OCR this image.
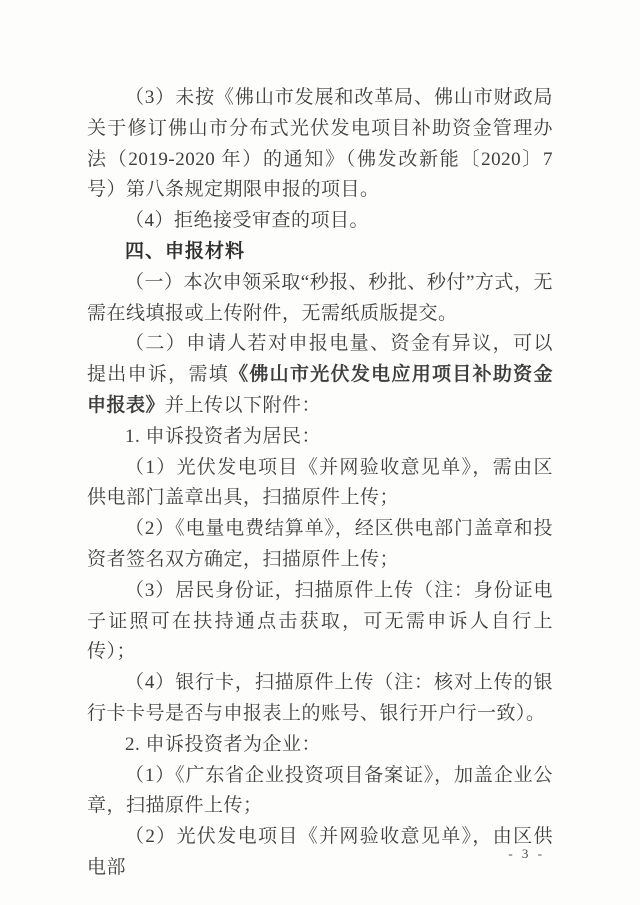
（3）未按《佛山市发展和改革局、佛山市财政局关于修订佛山市分布式光伏发电项目补助资金管理办法（2019-2020 年）的通知》（佛发改新能〔2020〕7 号）第八条规定期限申报的项目。

（4）拒绝接受审查的项目。

四、申报材料

（一）本次申领采取“秒报、秒批、秒付”方式，无需在线填报或上传附件，无需纸质版提交。

（二）申请人若对申报电量、资金有异议，可以提出申诉，需填《佛山市光伏发电应用项目补助资金申报表》并上传以下附件：

1. 申诉投资者为居民：

（1）光伏发电项目《并网验收意见单》，需由区供电部门盖章出具，扫描原件上传；

（2）《电量电费结算单》，经区供电部门盖章和投资者签名双方确定，扫描原件上传；

（3）居民身份证，扫描原件上传（注：身份证电子证照可在扶持通点击获取，可无需申诉人自行上传）；

（4）银行卡，扫描原件上传（注：核对上传的银行卡卡号是否与申报表上的账号、银行开户行一致）。

2. 申诉投资者为企业：

（1）《广东省企业投资项目备案证》，加盖企业公章，扫描原件上传；

（2）光伏发电项目《并网验收意见单》，由区供电部

- 3 -
